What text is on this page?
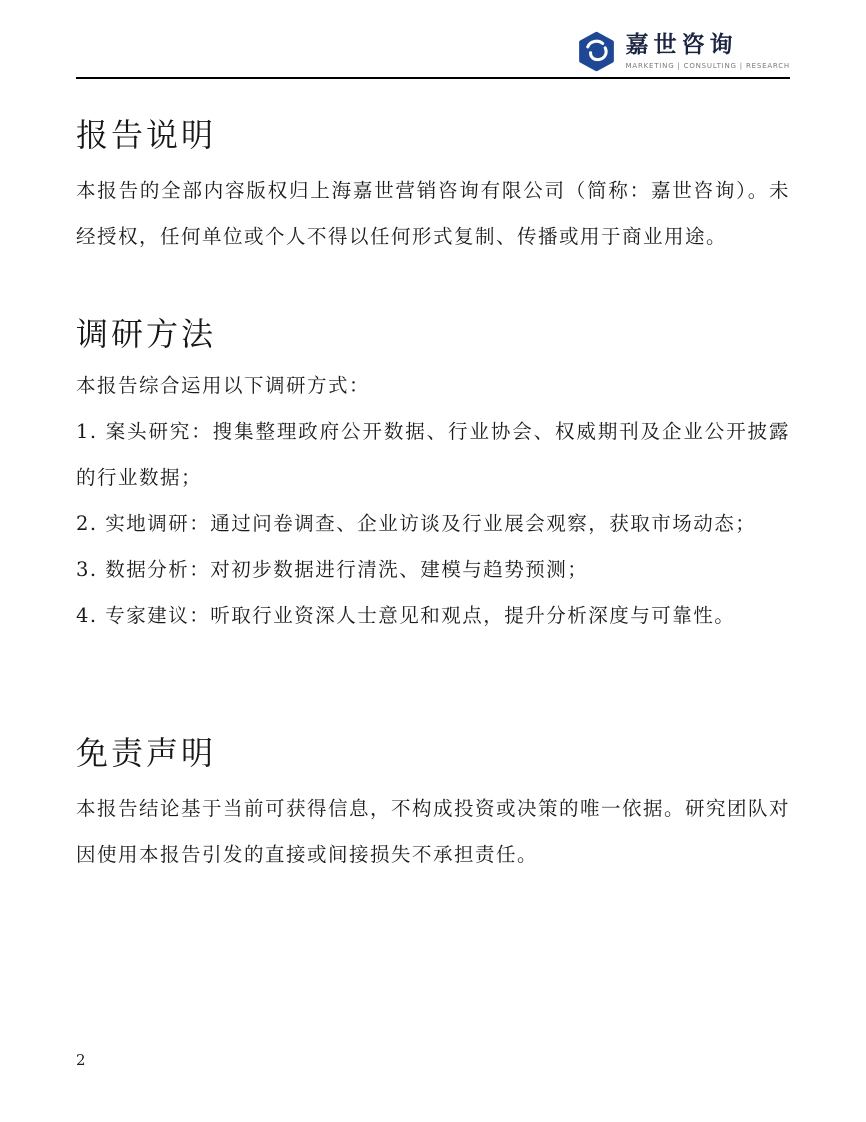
嘉世咨询
MARKETING | CONSULTING | RESEARCH
报告说明

本报告的全部内容版权归上海嘉世营销咨询有限公司（简称：嘉世咨询）。未经授权，任何单位或个人不得以任何形式复制、传播或用于商业用途。

调研方法

本报告综合运用以下调研方式：

1. 案头研究：搜集整理政府公开数据、行业协会、权威期刊及企业公开披露的行业数据；
2. 实地调研：通过问卷调查、企业访谈及行业展会观察，获取市场动态；
3. 数据分析：对初步数据进行清洗、建模与趋势预测；
4. 专家建议：听取行业资深人士意见和观点，提升分析深度与可靠性。
免责声明

本报告结论基于当前可获得信息，不构成投资或决策的唯一依据。研究团队对因使用本报告引发的直接或间接损失不承担责任。

2
